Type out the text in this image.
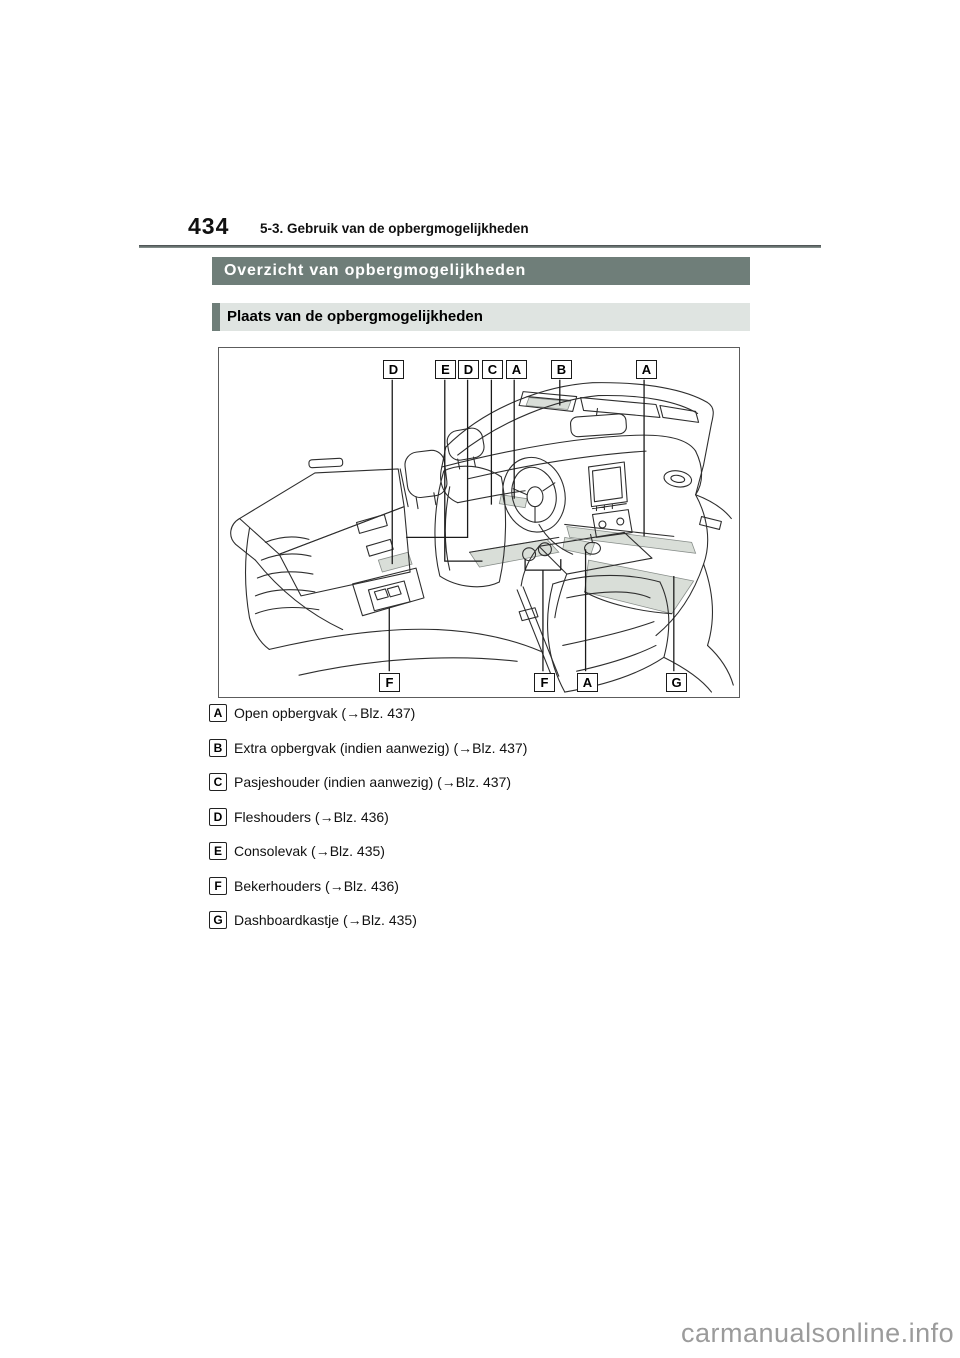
434 5-3. Gebruik van de opbergmogelijkheden
Overzicht van opbergmogelijkheden
Plaats van de opbergmogelijkheden
D	E	D	C	A	B	A
F	F	A	G
A Open opbergvak (→Blz. 437)
B Extra opbergvak (indien aanwezig) (→Blz. 437)
C Pasjeshouder (indien aanwezig) (→Blz. 437)
D Fleshouders (→Blz. 436)
E Consolevak (→Blz. 435)
F Bekerhouders (→Blz. 436)
G Dashboardkastje (→Blz. 435)
carmanualsonline.info
